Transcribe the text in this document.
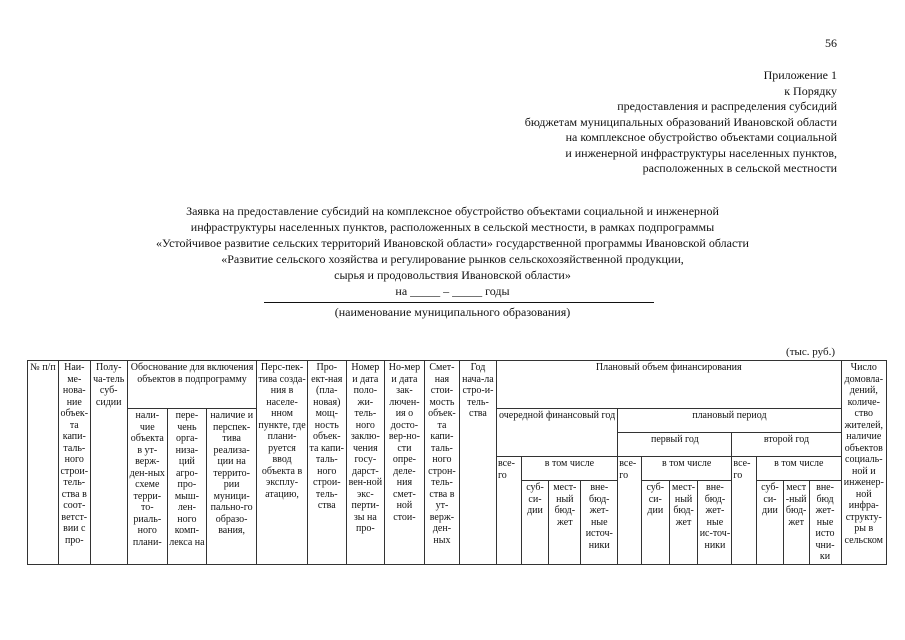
56
Приложение 1
к Порядку
предоставления и распределения субсидий
бюджетам муниципальных образований Ивановской области
на комплексное обустройство объектами социальной
и инженерной инфраструктуры населенных пунктов,
расположенных в сельской местности
Заявка на предоставление субсидий на комплексное обустройство объектами социальной и инженерной
инфраструктуры населенных пунктов, расположенных в сельской местности, в рамках подпрограммы
«Устойчивое развитие сельских территорий Ивановской области» государственной программы Ивановской области
«Развитие сельского хозяйства и регулирование рынков сельскохозяйственной продукции,
сырья и продовольствия Ивановской области»
на _____ – _____ годы
(наименование муниципального образования)
(тыс. руб.)
№ п/п	Наи-ме-нова-ние объек-та капи-таль-ного строи-тель-ства в соот-ветст-вии с про-	Полу-ча-тель суб-сидии	Обоснование для включения объектов в подпрограмму			Перс-пек-тива созда-ния в населе-нном пункте, где плани-руется ввод объекта в эксплу-атацию,	Про-ект-ная (пла-новая) мощ-ность объек-та капи-таль-ного строи-тель-ства	Номер и дата поло-жи-тель-ного заклю-чения госу-дарст-вен-ной экс-перти-зы на про-	Но-мер и дата зак-лючен-ия о досто-вер-но-сти опре-деле-ния смет-ной стои-	Смет-ная стои-мость объек-та капи-таль-ного строн-тель-ства в ут-верж-ден-ных	Год нача-ла стро-и-тель-ства	Плановый объем финансирования												Число домовла-дений, количе-ство жителей, наличие объектов социаль-ной и инженер-ной инфра-структу-ры в сельском
			нали-чие объекта в ут-верж-ден-ных схеме терри-то-риаль-ного плани-	пере-чень орга-низа-ций агро-про-мыш-лен-ного комп-лекса на	наличие и перспек-тива реализа-ции на террито-рии муници-пально-го образо-вания,							очередной финансовый год				плановый период								
																первый год				второй год				
												все-го	в том числе			все-го	в том числе			все-го	в том числе			
													суб-си-дии	мест-ный бюд-жет	вне-бюд-жет-ные источ-ники		суб-си-дии	мест-ный бюд-жет	вне-бюд-жет-ные ис-точ-ники		суб-си-дии	мест-ный бюд-жет	вне-бюд жет-ные исто чни-ки	
